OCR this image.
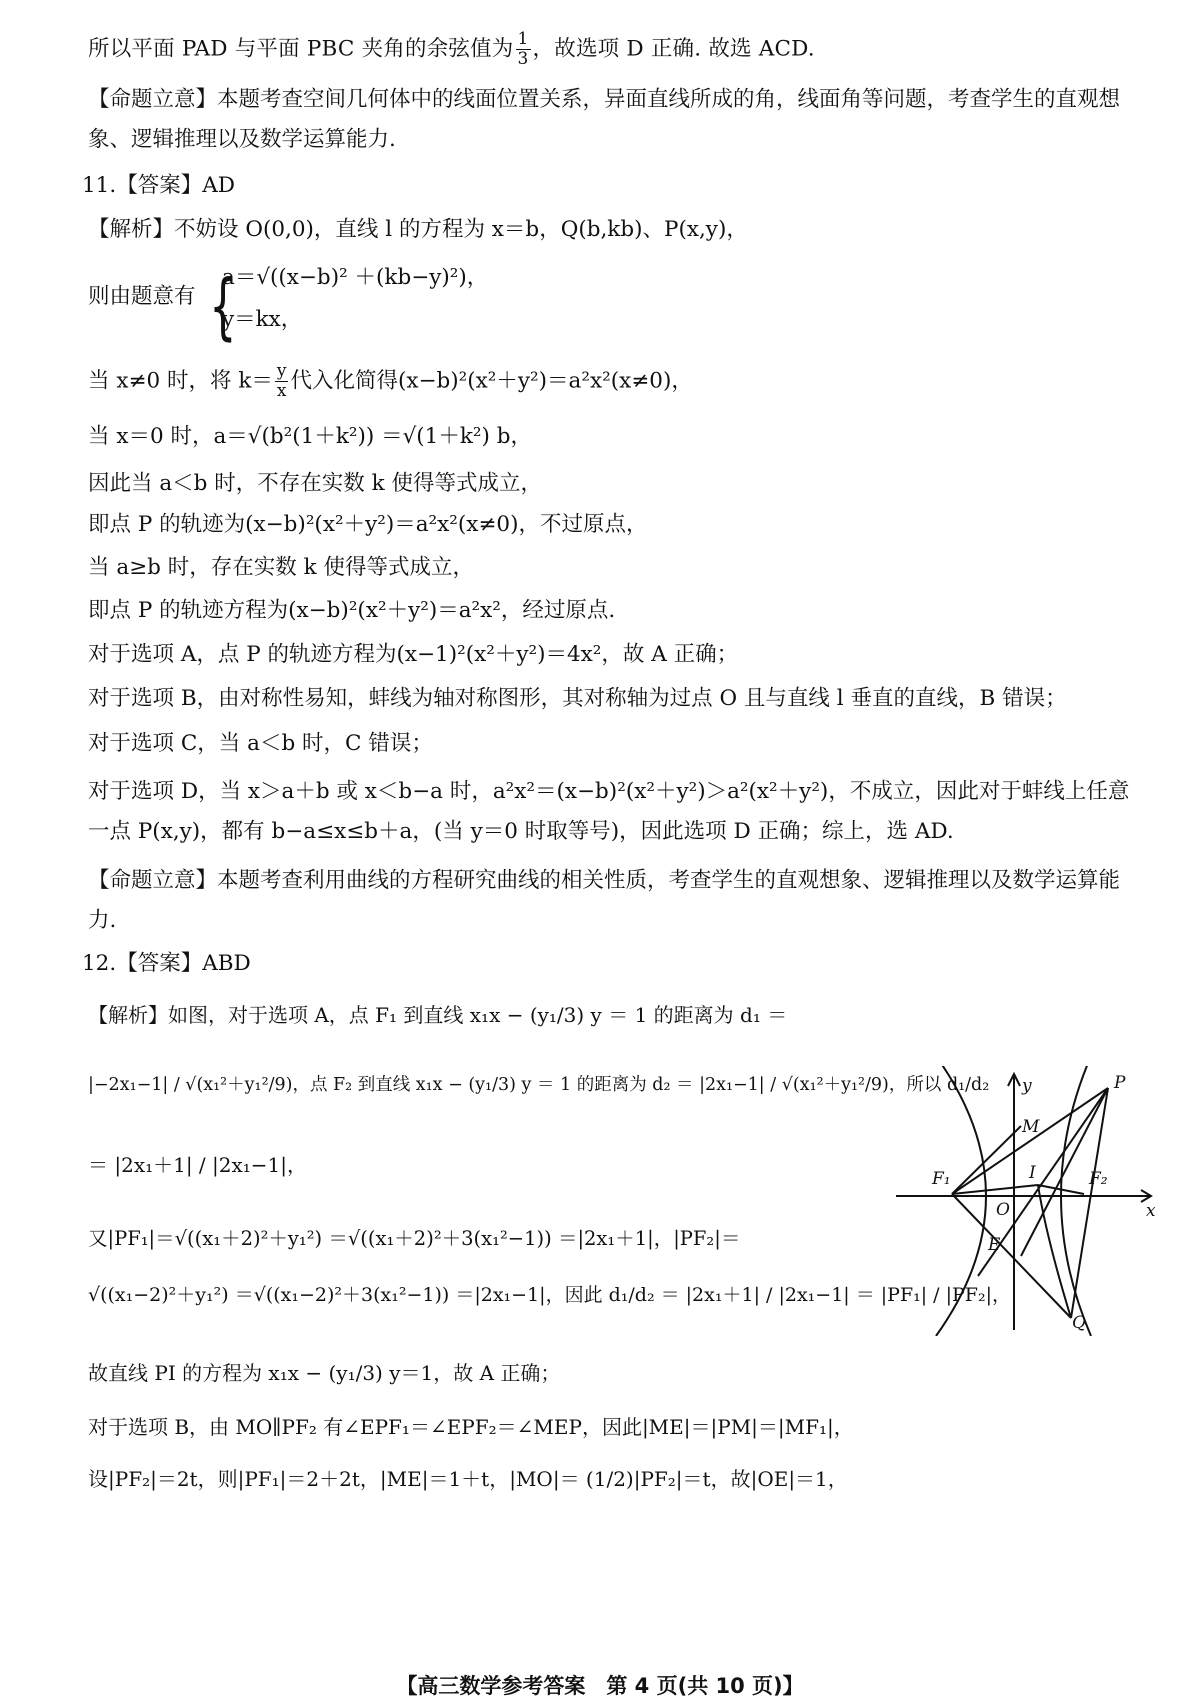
所以平面 PAD 与平面 PBC 夹角的余弦值为 $\frac{1}{3}$ ，故选项 D 正确. 故选 ACD.
【命题立意】本题考查空间几何体中的线面位置关系，异面直线所成的角，线面角等问题，考查学生的直观想象、逻辑推理以及数学运算能力.
11.【答案】AD
【解析】不妨设 O(0,0)，直线 l 的方程为 x＝b，Q(b,kb)、P(x,y)，
则由题意有 {
a＝√((x−b)² ＋(kb−y)²)，
y＝kx，
当 x≠0 时，将 $k= \frac{y}{x}$ 代入化简得(x−b)²(x²＋y²)＝a²x²(x≠0)，
当 x＝0 时，a＝√(b²(1＋k²)) ＝√(1＋k²) b，
因此当 a＜b 时，不存在实数 k 使得等式成立，
即点 P 的轨迹为(x−b)²(x²＋y²)＝a²x²(x≠0)，不过原点，
当 a≥b 时，存在实数 k 使得等式成立，
即点 P 的轨迹方程为(x−b)²(x²＋y²)＝a²x²，经过原点.
对于选项 A，点 P 的轨迹方程为(x−1)²(x²＋y²)＝4x²，故 A 正确；
对于选项 B，由对称性易知，蚌线为轴对称图形，其对称轴为过点 O 且与直线 l 垂直的直线，B 错误；
对于选项 C，当 a＜b 时，C 错误；
对于选项 D，当 x＞a＋b 或 x＜b−a 时，a²x²＝(x−b)²(x²＋y²)＞a²(x²＋y²)，不成立，因此对于蚌线上任意一点 P(x,y)，都有 b−a≤x≤b＋a，(当 y＝0 时取等号)，因此选项 D 正确；综上，选 AD.
【命题立意】本题考查利用曲线的方程研究曲线的相关性质，考查学生的直观想象、逻辑推理以及数学运算能力.
12.【答案】ABD
【解析】如图，对于选项 A，点 F₁ 到直线 x₁x − (y₁/3) y ＝ 1 的距离为 d₁ ＝
|−2x₁−1| / √(x₁²＋y₁²/9)，点 F₂ 到直线 x₁x − (y₁/3) y ＝ 1 的距离为 d₂ ＝ |2x₁−1| / √(x₁²＋y₁²/9)，所以 d₁/d₂
＝ |2x₁＋1| / |2x₁−1|，
又|PF₁|＝√((x₁＋2)²＋y₁²) ＝√((x₁＋2)²＋3(x₁²−1)) ＝|2x₁＋1|，|PF₂|＝
√((x₁−2)²＋y₁²) ＝√((x₁−2)²＋3(x₁²−1)) ＝|2x₁−1|，因此 d₁/d₂ ＝ |2x₁＋1| / |2x₁−1| ＝ |PF₁| / |PF₂|，
故直线 PI 的方程为 x₁x − (y₁/3) y＝1，故 A 正确；
对于选项 B，由 MO∥PF₂ 有∠EPF₁＝∠EPF₂＝∠MEP，因此|ME|＝|PM|＝|MF₁|，
设|PF₂|＝2t，则|PF₁|＝2＋2t，|ME|＝1＋t，|MO|＝ (1/2)|PF₂|＝t，故|OE|＝1，
y	P
M
F₁	I	F₂
x
O
E
Q
【高三数学参考答案　第 4 页(共 10 页)】
